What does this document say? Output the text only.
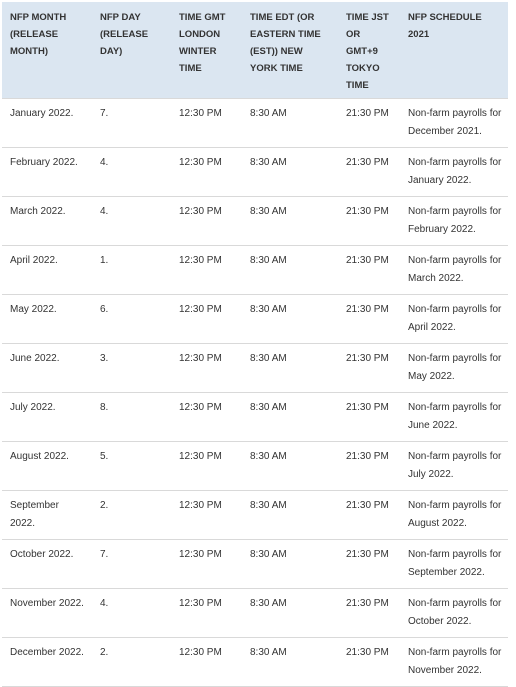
NFP MONTH (RELEASE MONTH)	NFP DAY (RELEASE DAY)	TIME GMT LONDON WINTER TIME	TIME EDT (OR EASTERN TIME (EST)) NEW YORK TIME	TIME JST OR GMT+9 TOKYO TIME	NFP SCHEDULE 2021
January 2022.	7.	12:30 PM	8:30 AM	21:30 PM	Non-farm payrolls for December 2021.
February 2022.	4.	12:30 PM	8:30 AM	21:30 PM	Non-farm payrolls for January 2022.
March 2022.	4.	12:30 PM	8:30 AM	21:30 PM	Non-farm payrolls for February 2022.
April 2022.	1.	12:30 PM	8:30 AM	21:30 PM	Non-farm payrolls for March 2022.
May 2022.	6.	12:30 PM	8:30 AM	21:30 PM	Non-farm payrolls for April 2022.
June 2022.	3.	12:30 PM	8:30 AM	21:30 PM	Non-farm payrolls for May 2022.
July 2022.	8.	12:30 PM	8:30 AM	21:30 PM	Non-farm payrolls for June 2022.
August 2022.	5.	12:30 PM	8:30 AM	21:30 PM	Non-farm payrolls for July 2022.
September 2022.	2.	12:30 PM	8:30 AM	21:30 PM	Non-farm payrolls for August 2022.
October 2022.	7.	12:30 PM	8:30 AM	21:30 PM	Non-farm payrolls for September 2022.
November 2022.	4.	12:30 PM	8:30 AM	21:30 PM	Non-farm payrolls for October 2022.
December 2022.	2.	12:30 PM	8:30 AM	21:30 PM	Non-farm payrolls for November 2022.
